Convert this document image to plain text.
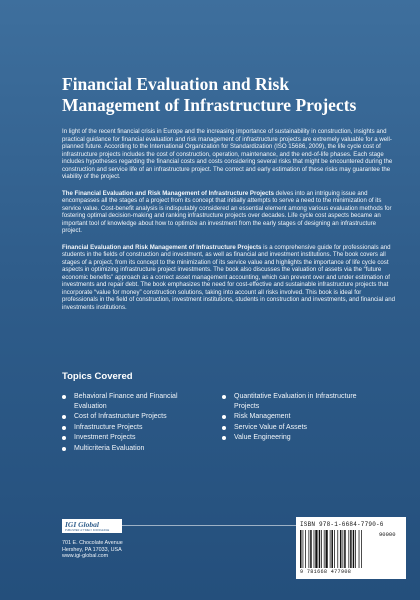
Financial Evaluation and Risk
Management of Infrastructure Projects

In light of the recent financial crisis in Europe and the increasing importance of sustainability in construction, insights and practical guidance for financial evaluation and risk management of infrastructure projects are extremely valuable for a well-planned future. According to the International Organization for Standardization (ISO 15686, 2009), the life cycle cost of infrastructure projects includes the cost of construction, operation, maintenance, and the end-of-life phases. Each stage includes hypotheses regarding the financial costs and costs considering several risks that might be encountered during the construction and service life of an infrastructure project. The correct and early estimation of these risks may guarantee the viability of the project.

The Financial Evaluation and Risk Management of Infrastructure Projects delves into an intriguing issue and encompasses all the stages of a project from its concept that initially attempts to serve a need to the minimization of its service value. Cost-benefit analysis is indisputably considered an essential element among various evaluation methods for fostering optimal decision-making and ranking infrastructure projects over decades. Life cycle cost aspects became an important tool of knowledge about how to optimize an investment from the early stages of designing an infrastructure project.

Financial Evaluation and Risk Management of Infrastructure Projects is a comprehensive guide for professionals and students in the fields of construction and investment, as well as financial and investment institutions. The book covers all stages of a project, from its concept to the minimization of its service value and highlights the importance of life cycle cost aspects in optimizing infrastructure project investments. The book also discusses the valuation of assets via the “future economic benefits” approach as a correct asset management accounting, which can prevent over and under estimation of investments and repair debt. The book emphasizes the need for cost-effective and sustainable infrastructure projects that incorporate “value for money” construction solutions, taking into account all risks involved. This book is ideal for professionals in the field of construction, investment institutions, students in construction and investments, and financial and investments institutions.

Topics Covered
Behavioral Finance and Financial Evaluation
Cost of Infrastructure Projects
Infrastructure Projects
Investment Projects
Multicriteria Evaluation
Quantitative Evaluation in Infrastructure Projects
Risk Management
Service Value of Assets
Value Engineering
IGI Global
PUBLISHER of TIMELY KNOWLEDGE
701 E. Chocolate Avenue
Hershey, PA 17033, USA
www.igi-global.com
ISBN 978-1-6684-7790-6
90000
9 781668 477908
